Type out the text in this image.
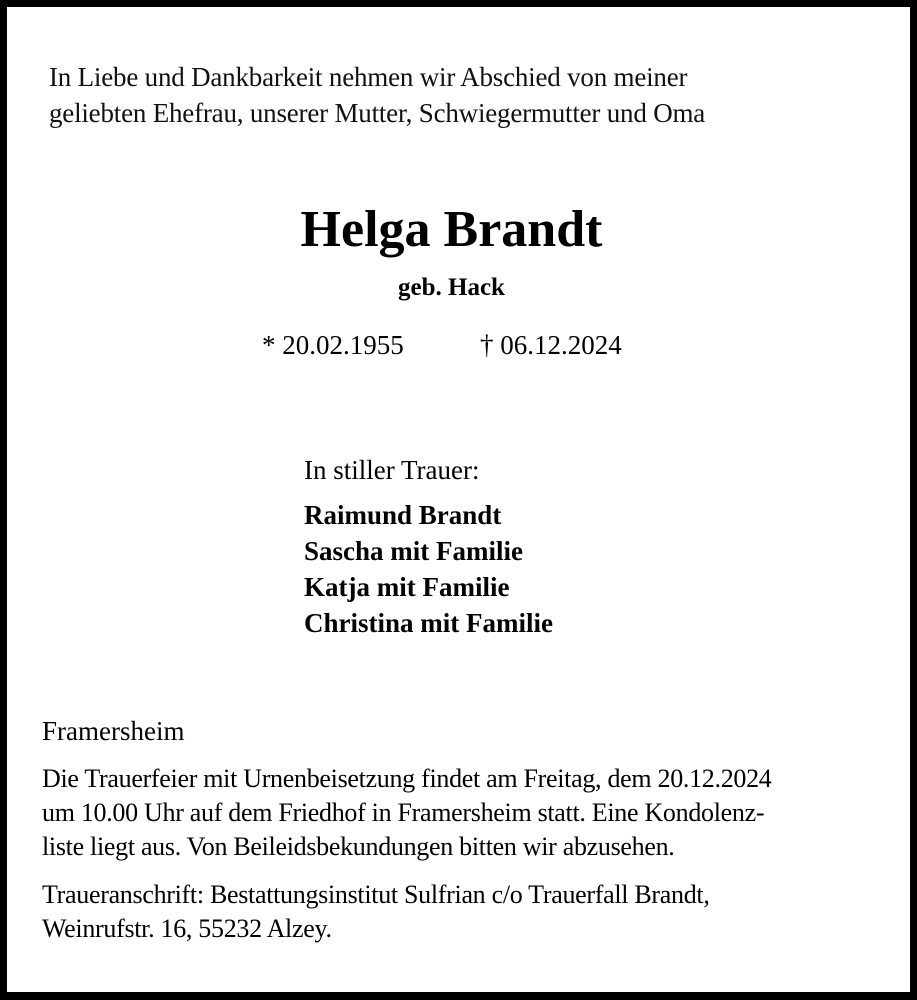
In Liebe und Dankbarkeit nehmen wir Abschied von meiner
geliebten Ehefrau, unserer Mutter, Schwiegermutter und Oma
Helga Brandt
geb. Hack
* 20.02.1955	† 06.12.2024
In stiller Trauer:
Raimund Brandt
Sascha mit Familie
Katja mit Familie
Christina mit Familie
Framersheim
Die Trauerfeier mit Urnenbeisetzung findet am Freitag, dem 20.12.2024
um 10.00 Uhr auf dem Friedhof in Framersheim statt. Eine Kondolenz-
liste liegt aus. Von Beileidsbekundungen bitten wir abzusehen.
Traueranschrift: Bestattungsinstitut Sulfrian c/o Trauerfall Brandt,
Weinrufstr. 16, 55232 Alzey.
